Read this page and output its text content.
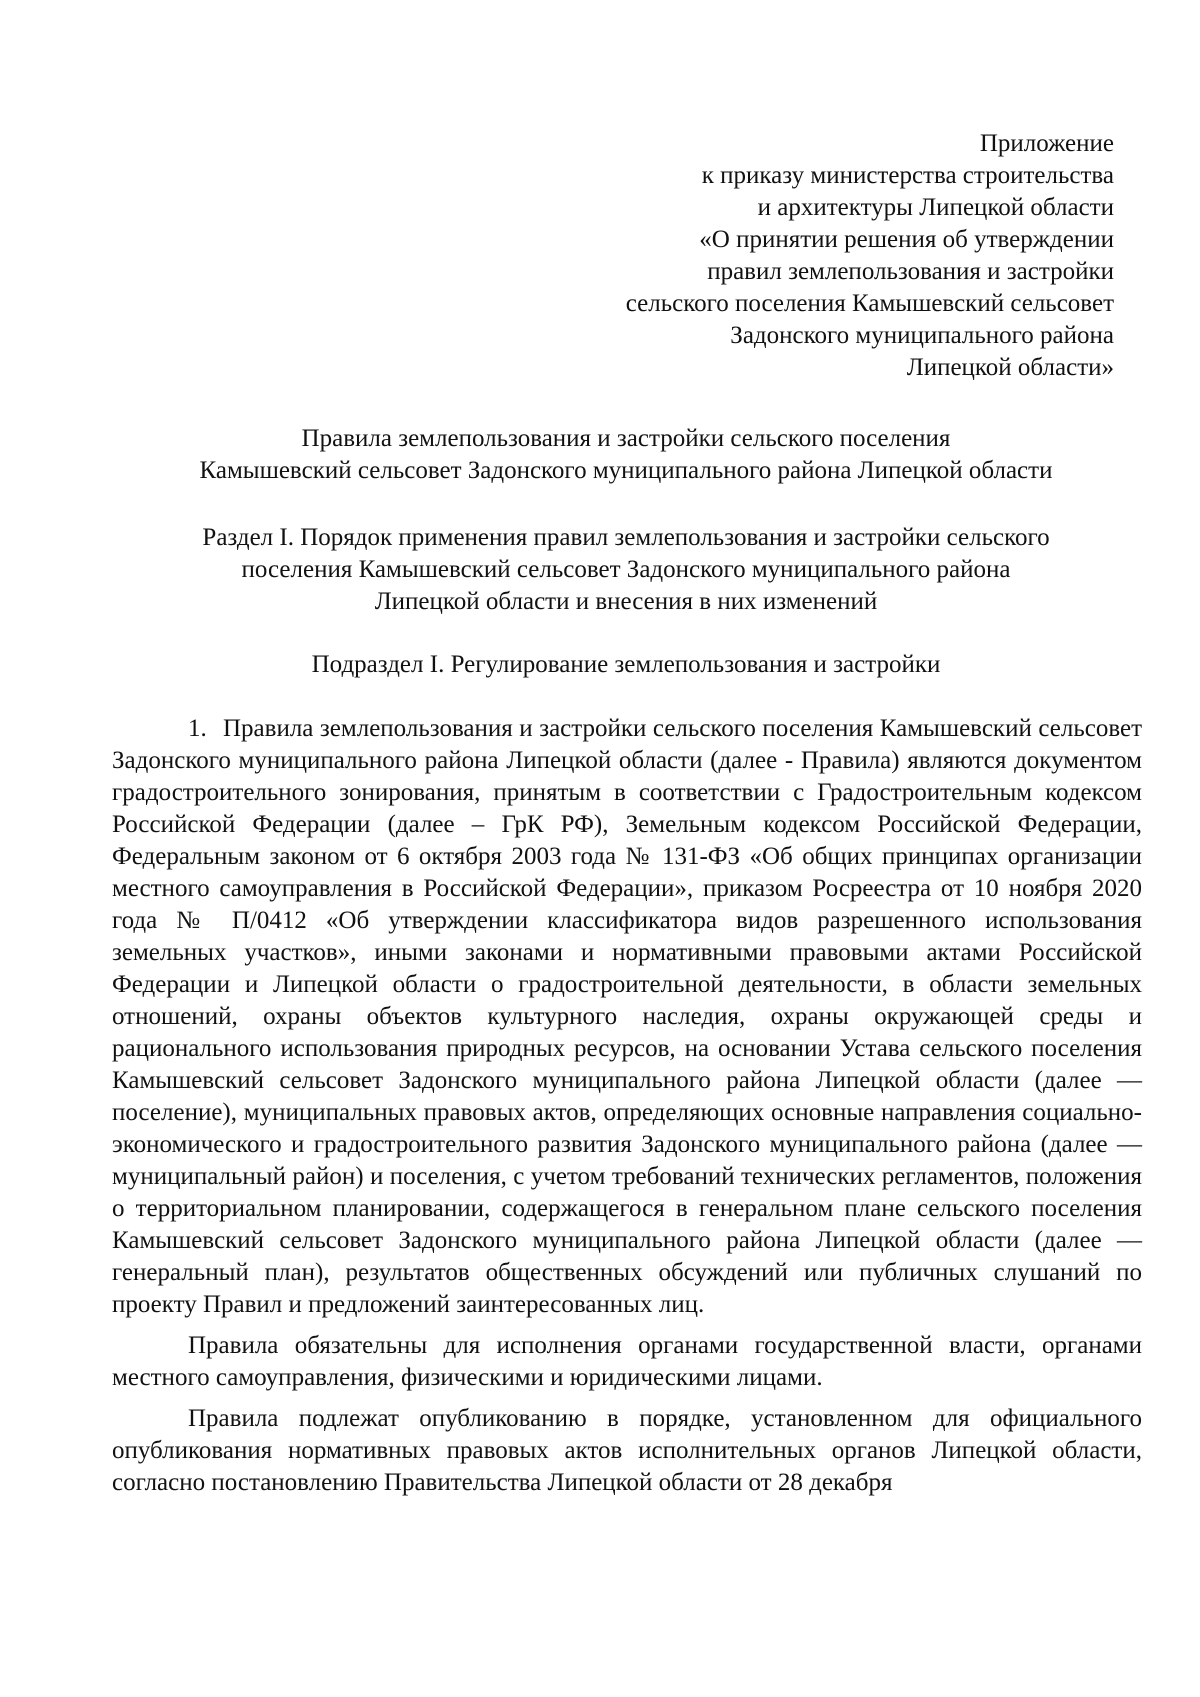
Приложение
к приказу министерства строительства
и архитектуры Липецкой области
«О принятии решения об утверждении
правил землепользования и застройки
сельского поселения Камышевский сельсовет
Задонского муниципального района
Липецкой области»
Правила землепользования и застройки сельского поселения
Камышевский сельсовет Задонского муниципального района Липецкой области
Раздел I. Порядок применения правил землепользования и застройки сельского
поселения Камышевский сельсовет Задонского муниципального района
Липецкой области и внесения в них изменений
Подраздел I. Регулирование землепользования и застройки

1. Правила землепользования и застройки сельского поселения Камышевский сельсовет Задонского муниципального района Липецкой области (далее - Правила) являются документом градостроительного зонирования, принятым в соответствии с Градостроительным кодексом Российской Федерации (далее – ГрК РФ), Земельным кодексом Российской Федерации, Федеральным законом от 6 октября 2003 года № 131-ФЗ «Об общих принципах организации местного самоуправления в Российской Федерации», приказом Росреестра от 10 ноября 2020 года № П/0412 «Об утверждении классификатора видов разрешенного использования земельных участков», иными законами и нормативными правовыми актами Российской Федерации и Липецкой области о градостроительной деятельности, в области земельных отношений, охраны объектов культурного наследия, охраны окружающей среды и рационального использования природных ресурсов, на основании Устава сельского поселения Камышевский сельсовет Задонского муниципального района Липецкой области (далее — поселение), муниципальных правовых актов, определяющих основные направления социально-экономического и градостроительного развития Задонского муниципального района (далее — муниципальный район) и поселения, с учетом требований технических регламентов, положения о территориальном планировании, содержащегося в генеральном плане сельского поселения Камышевский сельсовет Задонского муниципального района Липецкой области (далее — генеральный план), результатов общественных обсуждений или публичных слушаний по проекту Правил и предложений заинтересованных лиц.

Правила обязательны для исполнения органами государственной власти, органами местного самоуправления, физическими и юридическими лицами.

Правила подлежат опубликованию в порядке, установленном для официального опубликования нормативных правовых актов исполнительных органов Липецкой области, согласно постановлению Правительства Липецкой области от 28 декабря
